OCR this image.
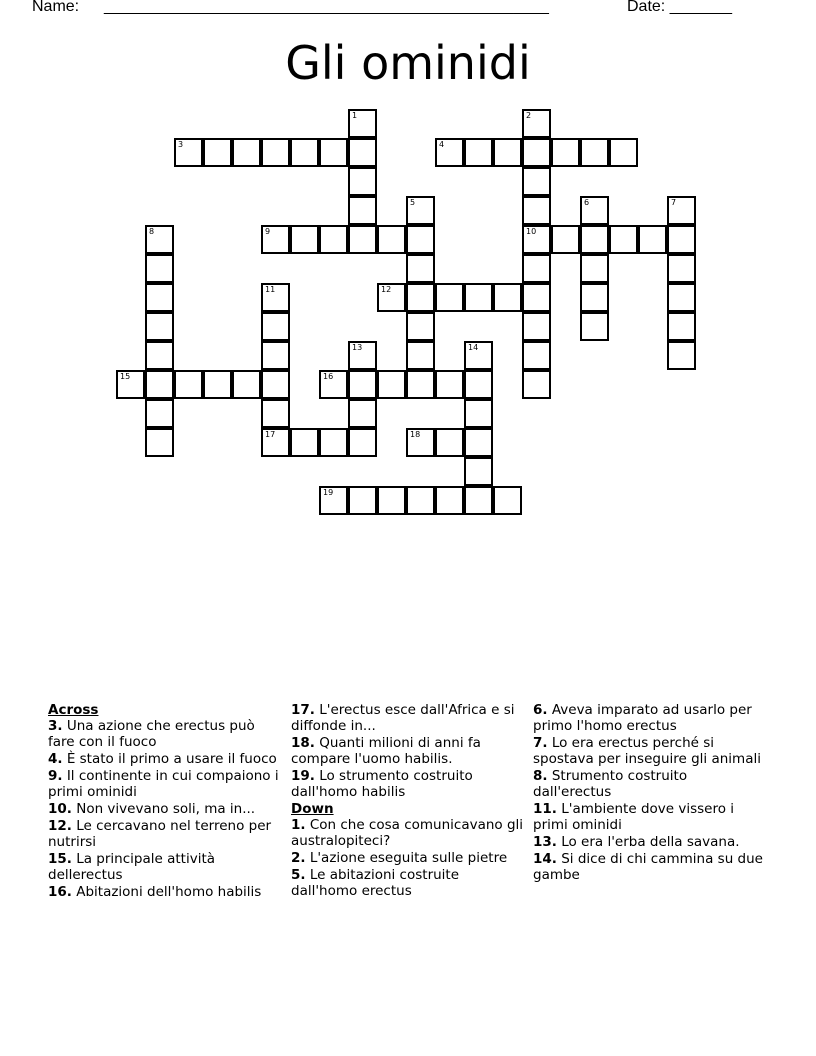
Name: __________________________________________________	Date: _______
Gli ominidi
1	2
10
3	4
5	6	7
8	9
11
17
12
13	14
15	16
18
19
Across
3. Una azione che erectus può fare con il fuoco
4. È stato il primo a usare il fuoco
9. Il continente in cui compaiono i primi ominidi
10. Non vivevano soli, ma in...
12. Le cercavano nel terreno per nutrirsi
15. La principale attività dellerectus
16. Abitazioni dell'homo habilis
17. L'erectus esce dall'Africa e si diffonde in...
18. Quanti milioni di anni fa compare l'uomo habilis.
19. Lo strumento costruito dall'homo habilis
Down
1. Con che cosa comunicavano gli australopiteci?
2. L'azione eseguita sulle pietre
5. Le abitazioni costruite dall'homo erectus
6. Aveva imparato ad usarlo per primo l'homo erectus
7. Lo era erectus perché si spostava per inseguire gli animali
8. Strumento costruito dall'erectus
11. L'ambiente dove vissero i primi ominidi
13. Lo era l'erba della savana.
14. Si dice di chi cammina su due gambe
